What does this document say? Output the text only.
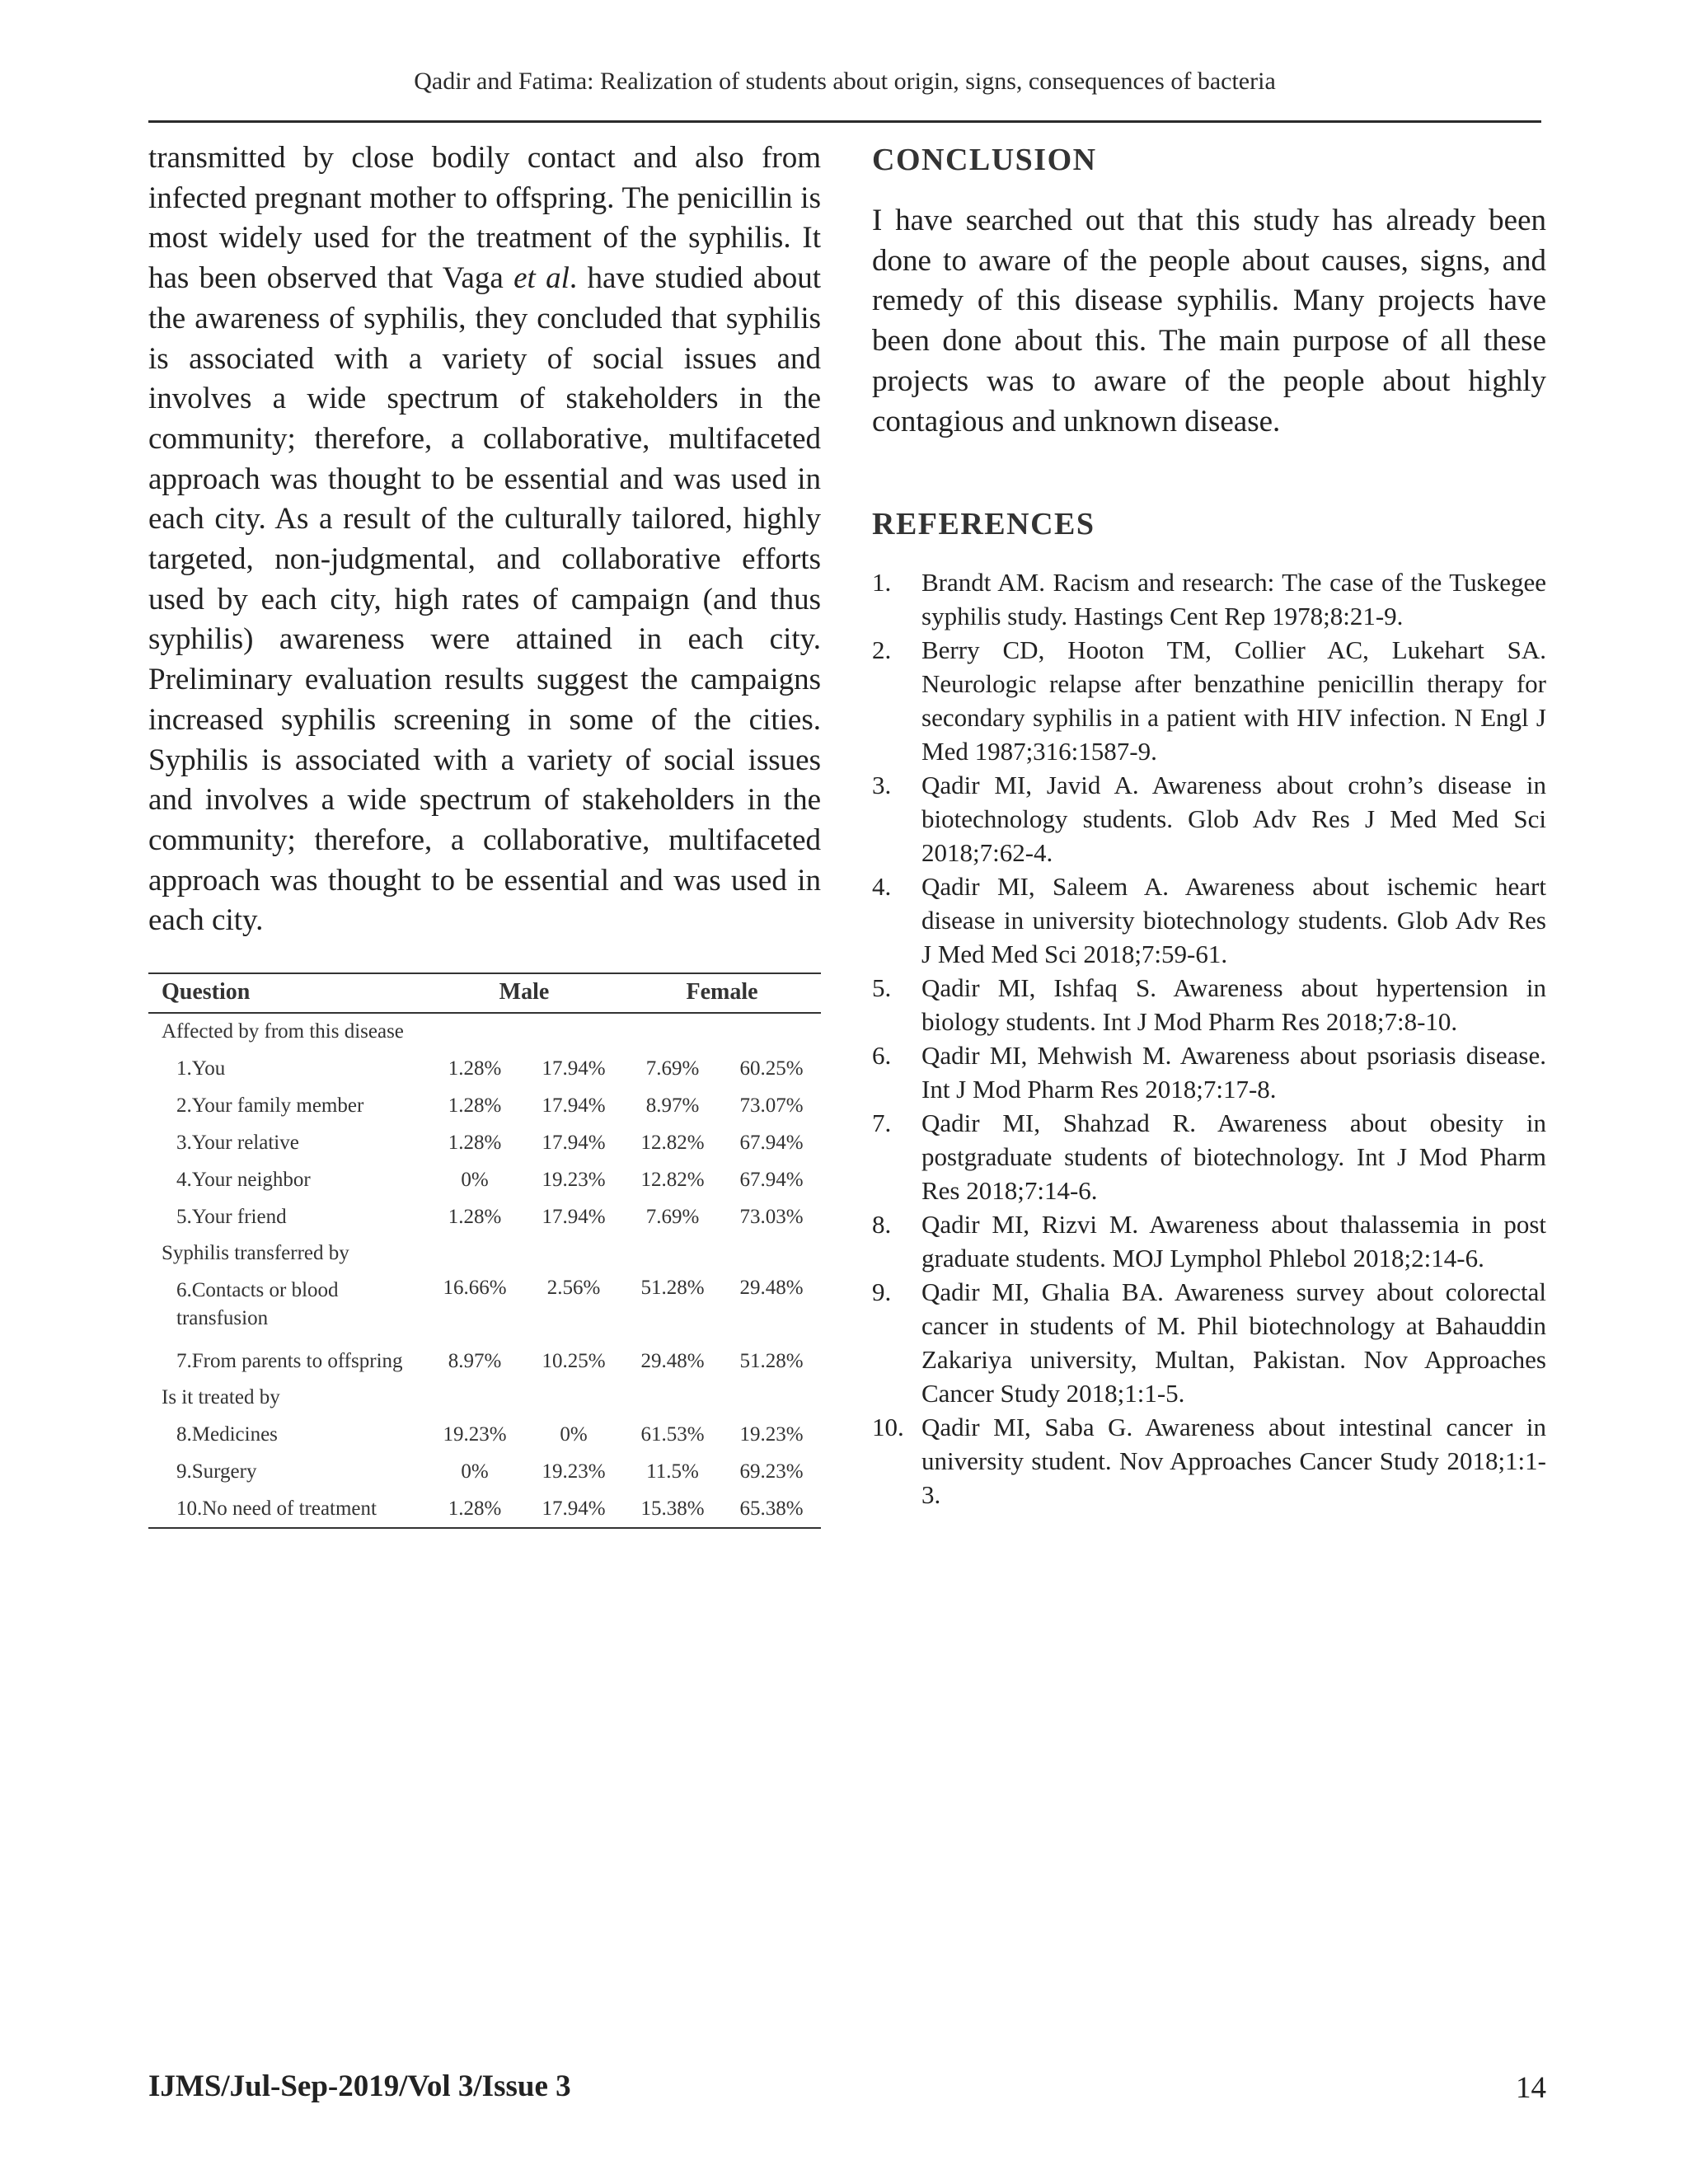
Qadir and Fatima: Realization of students about origin, signs, consequences of bacteria

transmitted by close bodily contact and also from infected pregnant mother to offspring. The penicillin is most widely used for the treatment of the syphilis. It has been observed that Vaga et al. have studied about the awareness of syphilis, they concluded that syphilis is associated with a variety of social issues and involves a wide spectrum of stakeholders in the community; therefore, a collaborative, multifaceted approach was thought to be essential and was used in each city. As a result of the culturally tailored, highly targeted, non-judgmental, and collaborative efforts used by each city, high rates of campaign (and thus syphilis) awareness were attained in each city. Preliminary evaluation results suggest the campaigns increased syphilis screening in some of the cities. Syphilis is associated with a variety of social issues and involves a wide spectrum of stakeholders in the community; therefore, a collaborative, multifaceted approach was thought to be essential and was used in each city.

Question	Male		Female	
Affected by from this disease				
1.You	1.28%	17.94%	7.69%	60.25%
2.Your family member	1.28%	17.94%	8.97%	73.07%
3.Your relative	1.28%	17.94%	12.82%	67.94%
4.Your neighbor	0%	19.23%	12.82%	67.94%
5.Your friend	1.28%	17.94%	7.69%	73.03%
Syphilis transferred by				
6.Contacts or blood transfusion	16.66%	2.56%	51.28%	29.48%
7.From parents to offspring	8.97%	10.25%	29.48%	51.28%
Is it treated by				
8.Medicines	19.23%	0%	61.53%	19.23%
9.Surgery	0%	19.23%	11.5%	69.23%
10.No need of treatment	1.28%	17.94%	15.38%	65.38%
CONCLUSION

I have searched out that this study has already been done to aware of the people about causes, signs, and remedy of this disease syphilis. Many projects have been done about this. The main purpose of all these projects was to aware of the people about highly contagious and unknown disease.

REFERENCES
1. Brandt AM. Racism and research: The case of the Tuskegee syphilis study. Hastings Cent Rep 1978;8:21-9.
2. Berry CD, Hooton TM, Collier AC, Lukehart SA. Neurologic relapse after benzathine penicillin therapy for secondary syphilis in a patient with HIV infection. N Engl J Med 1987;316:1587-9.
3. Qadir MI, Javid A. Awareness about crohn’s disease in biotechnology students. Glob Adv Res J Med Med Sci 2018;7:62-4.
4. Qadir MI, Saleem A. Awareness about ischemic heart disease in university biotechnology students. Glob Adv Res J Med Med Sci 2018;7:59-61.
5. Qadir MI, Ishfaq S. Awareness about hypertension in biology students. Int J Mod Pharm Res 2018;7:8-10.
6. Qadir MI, Mehwish M. Awareness about psoriasis disease. Int J Mod Pharm Res 2018;7:17-8.
7. Qadir MI, Shahzad R. Awareness about obesity in postgraduate students of biotechnology. Int J Mod Pharm Res 2018;7:14-6.
8. Qadir MI, Rizvi M. Awareness about thalassemia in post graduate students. MOJ Lymphol Phlebol 2018;2:14-6.
9. Qadir MI, Ghalia BA. Awareness survey about colorectal cancer in students of M. Phil biotechnology at Bahauddin Zakariya university, Multan, Pakistan. Nov Approaches Cancer Study 2018;1:1-5.
10. Qadir MI, Saba G. Awareness about intestinal cancer in university student. Nov Approaches Cancer Study 2018;1:1-3.
IJMS/Jul-Sep-2019/Vol 3/Issue 3	14
